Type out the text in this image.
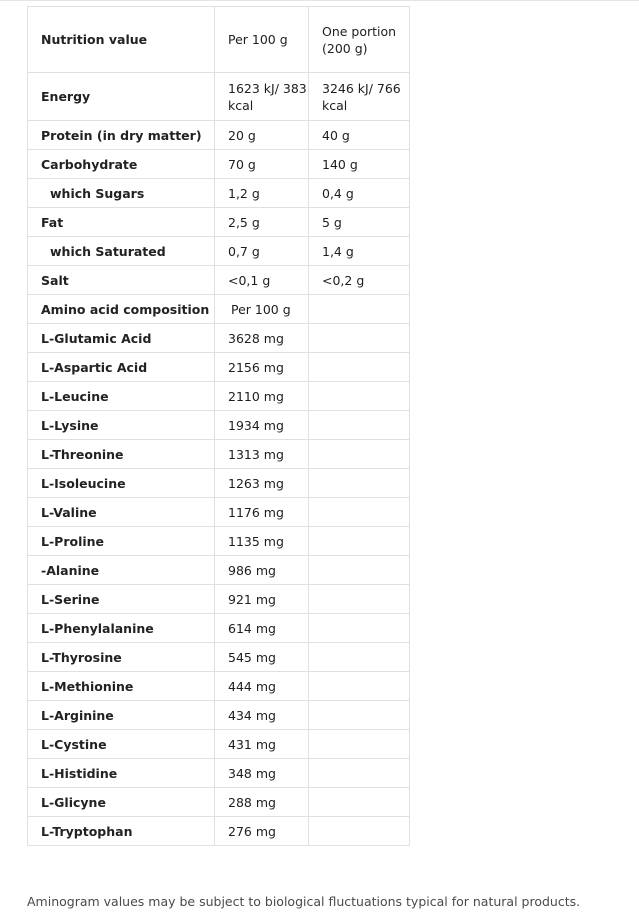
Nutrition value	Per 100 g	One portion (200 g)
Energy	1623 kJ/ 383 kcal	3246 kJ/ 766 kcal
Protein (in dry matter)	20 g	40 g
Carbohydrate	70 g	140 g
which Sugars	1,2 g	0,4 g
Fat	2,5 g	5 g
which Saturated	0,7 g	1,4 g
Salt	<0,1 g	<0,2 g
Amino acid composition	Per 100 g	
L-Glutamic Acid	3628 mg	
L-Aspartic Acid	2156 mg	
L-Leucine	2110 mg	
L-Lysine	1934 mg	
L-Threonine	1313 mg	
L-Isoleucine	1263 mg	
L-Valine	1176 mg	
L-Proline	1135 mg	
-Alanine	986 mg	
L-Serine	921 mg	
L-Phenylalanine	614 mg	
L-Thyrosine	545 mg	
L-Methionine	444 mg	
L-Arginine	434 mg	
L-Cystine	431 mg	
L-Histidine	348 mg	
L-Glicyne	288 mg	
L-Tryptophan	276 mg	
Aminogram values may be subject to biological fluctuations typical for natural products.
